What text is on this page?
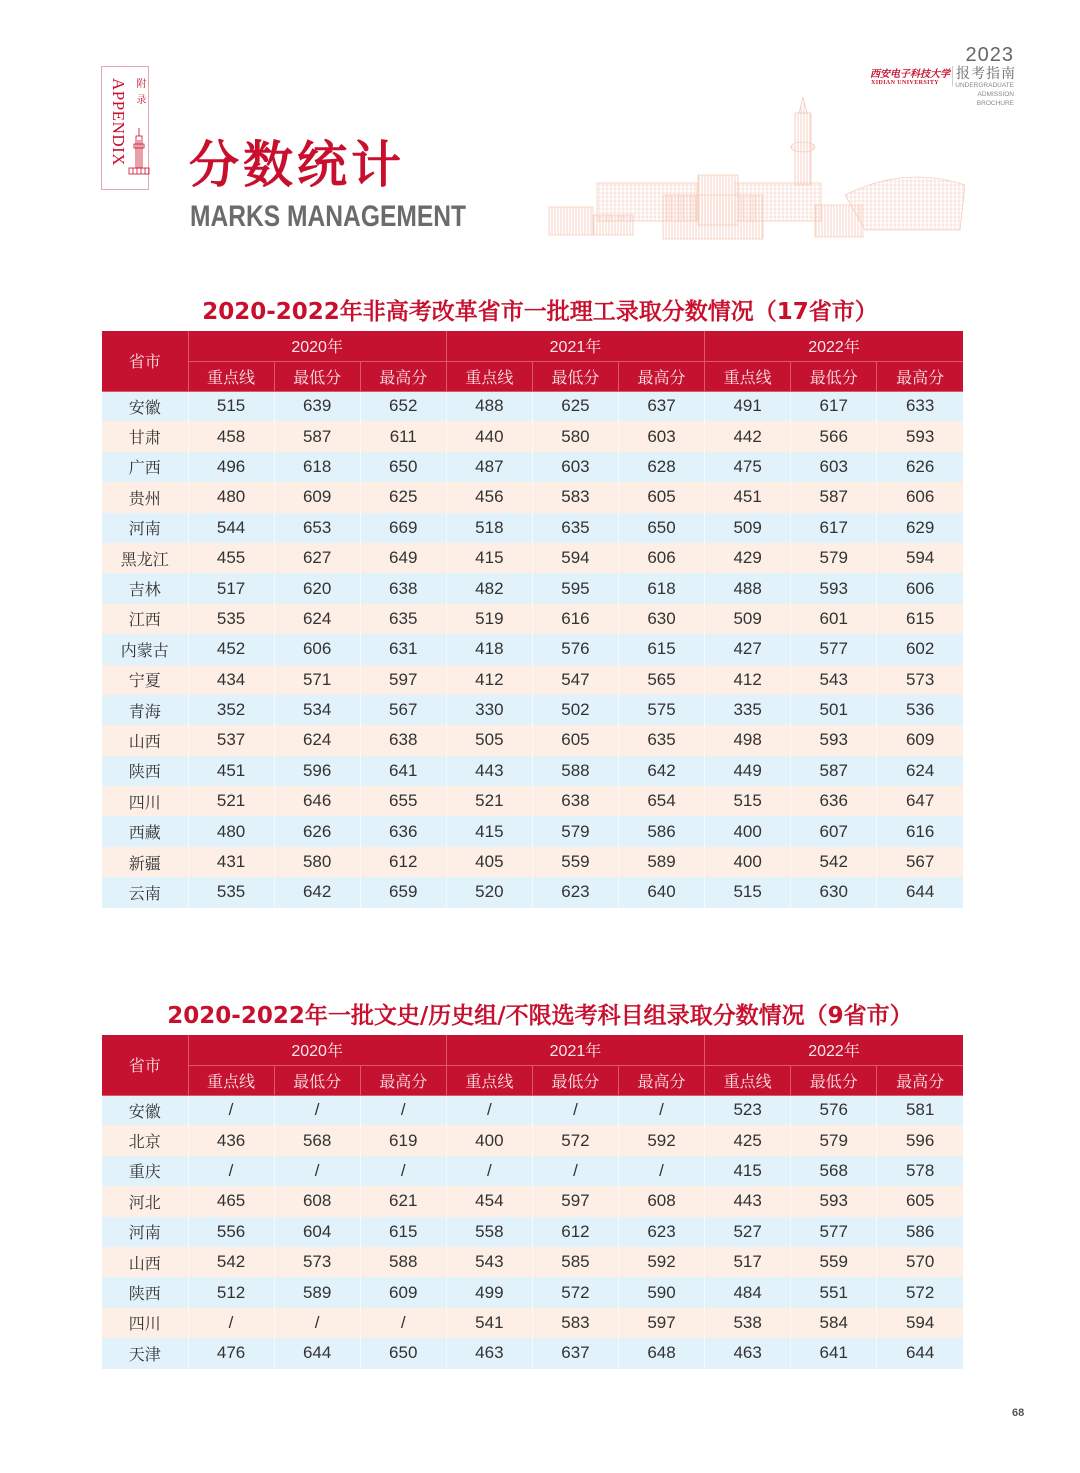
APPENDIX 附录
分数统计
MARKS MANAGEMENT
2023
西安电子科技大学
XIDIAN UNIVERSITY
报考指南
UNDERGRADUATE
ADMISSION
BROCHURE
2020-2022年非高考改革省市一批理工录取分数情况（17省市）
省市	2020年			2021年			2022年		
	重点线	最低分	最高分	重点线	最低分	最高分	重点线	最低分	最高分
安徽	515	639	652	488	625	637	491	617	633
甘肃	458	587	611	440	580	603	442	566	593
广西	496	618	650	487	603	628	475	603	626
贵州	480	609	625	456	583	605	451	587	606
河南	544	653	669	518	635	650	509	617	629
黑龙江	455	627	649	415	594	606	429	579	594
吉林	517	620	638	482	595	618	488	593	606
江西	535	624	635	519	616	630	509	601	615
内蒙古	452	606	631	418	576	615	427	577	602
宁夏	434	571	597	412	547	565	412	543	573
青海	352	534	567	330	502	575	335	501	536
山西	537	624	638	505	605	635	498	593	609
陕西	451	596	641	443	588	642	449	587	624
四川	521	646	655	521	638	654	515	636	647
西藏	480	626	636	415	579	586	400	607	616
新疆	431	580	612	405	559	589	400	542	567
云南	535	642	659	520	623	640	515	630	644
2020-2022年一批文史/历史组/不限选考科目组录取分数情况（9省市）
省市	2020年			2021年			2022年		
	重点线	最低分	最高分	重点线	最低分	最高分	重点线	最低分	最高分
安徽	/	/	/	/	/	/	523	576	581
北京	436	568	619	400	572	592	425	579	596
重庆	/	/	/	/	/	/	415	568	578
河北	465	608	621	454	597	608	443	593	605
河南	556	604	615	558	612	623	527	577	586
山西	542	573	588	543	585	592	517	559	570
陕西	512	589	609	499	572	590	484	551	572
四川	/	/	/	541	583	597	538	584	594
天津	476	644	650	463	637	648	463	641	644
68
